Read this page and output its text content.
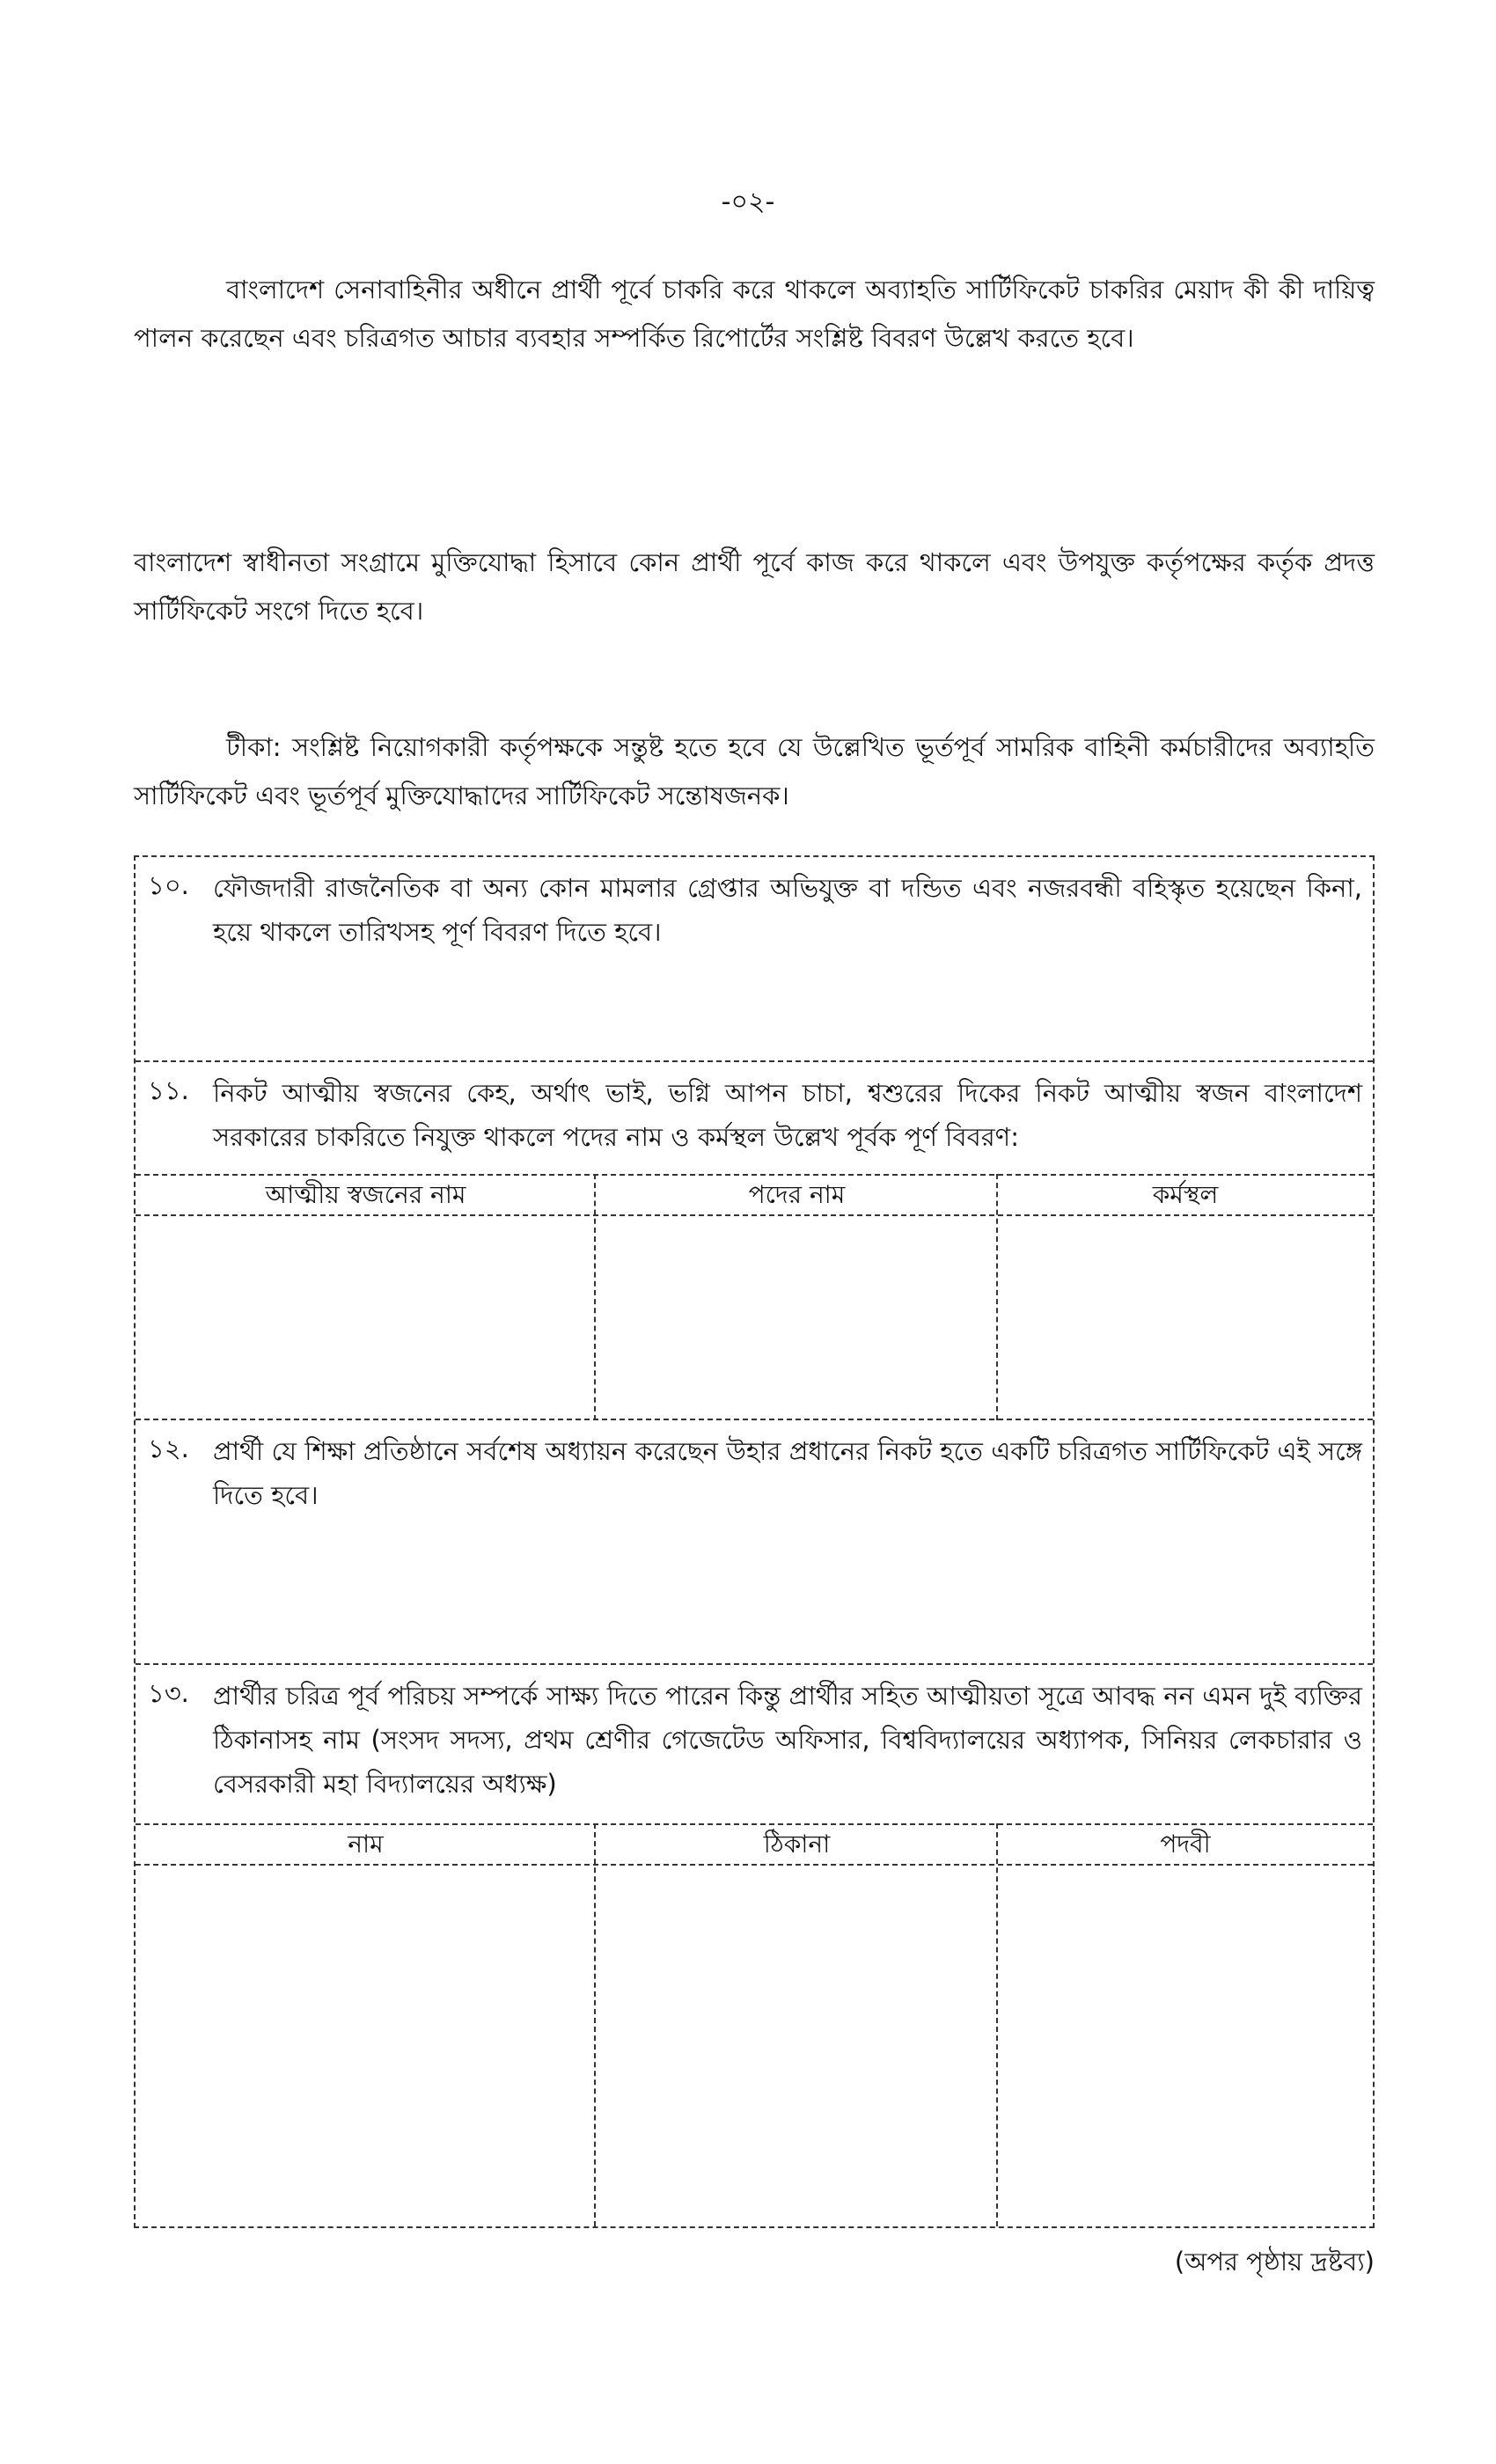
-০২-
বাংলাদেশ সেনাবাহিনীর অধীনে প্রার্থী পূর্বে চাকরি করে থাকলে অব্যাহতি সার্টিফিকেট চাকরির মেয়াদ কী কী দায়িত্ব পালন করেছেন এবং চরিত্রগত আচার ব্যবহার সম্পর্কিত রিপোর্টের সংশ্লিষ্ট বিবরণ উল্লেখ করতে হবে।
বাংলাদেশ স্বাধীনতা সংগ্রামে মুক্তিযোদ্ধা হিসাবে কোন প্রার্থী পূর্বে কাজ করে থাকলে এবং উপযুক্ত কর্তৃপক্ষের কর্তৃক প্রদত্ত সার্টিফিকেট সংগে দিতে হবে।
টীকা: সংশ্লিষ্ট নিয়োগকারী কর্তৃপক্ষকে সন্তুষ্ট হতে হবে যে উল্লেখিত ভূর্তপূর্ব সামরিক বাহিনী কর্মচারীদের অব্যাহতি সার্টিফিকেট এবং ভূর্তপূর্ব মুক্তিযোদ্ধাদের সার্টিফিকেট সন্তোষজনক।
১০. ফৌজদারী রাজনৈতিক বা অন্য কোন মামলার গ্রেপ্তার অভিযুক্ত বা দন্ডিত এবং নজরবন্ধী বহিস্কৃত হয়েছেন কিনা, হয়ে থাকলে তারিখসহ পূর্ণ বিবরণ দিতে হবে।
১১. নিকট আত্মীয় স্বজনের কেহ, অর্থাৎ ভাই, ভগ্নি আপন চাচা, শ্বশুরের দিকের নিকট আত্মীয় স্বজন বাংলাদেশ সরকারের চাকরিতে নিযুক্ত থাকলে পদের নাম ও কর্মস্থল উল্লেখ পূর্বক পূর্ণ বিবরণ:
আত্মীয় স্বজনের নাম	পদের নাম	কর্মস্থল
১২. প্রার্থী যে শিক্ষা প্রতিষ্ঠানে সর্বশেষ অধ্যায়ন করেছেন উহার প্রধানের নিকট হতে একটি চরিত্রগত সার্টিফিকেট এই সঙ্গে দিতে হবে।
১৩. প্রার্থীর চরিত্র পূর্ব পরিচয় সম্পর্কে সাক্ষ্য দিতে পারেন কিন্তু প্রার্থীর সহিত আত্মীয়তা সূত্রে আবদ্ধ নন এমন দুই ব্যক্তির ঠিকানাসহ নাম (সংসদ সদস্য, প্রথম শ্রেণীর গেজেটেড অফিসার, বিশ্ববিদ্যালয়ের অধ্যাপক, সিনিয়র লেকচারার ও বেসরকারী মহা বিদ্যালয়ের অধ্যক্ষ)
নাম	ঠিকানা	পদবী
(অপর পৃষ্ঠায় দ্রষ্টব্য)
